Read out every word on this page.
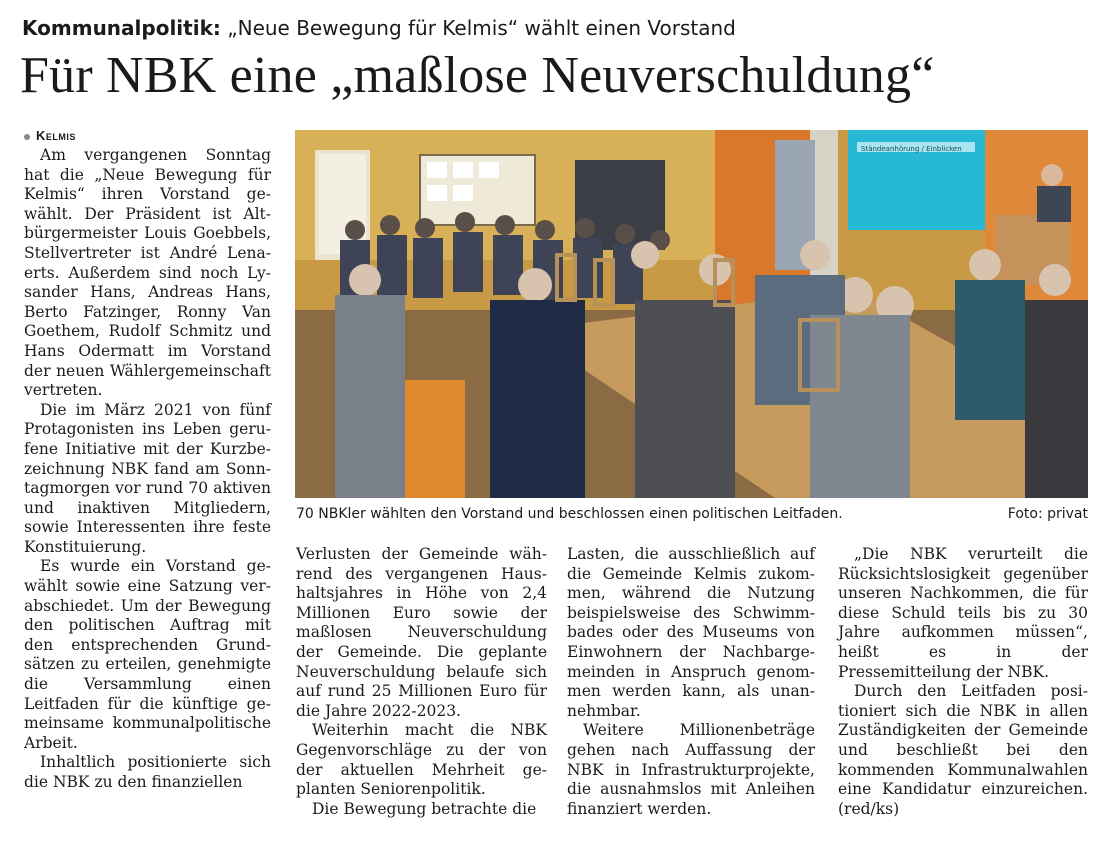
Kommunalpolitik: „Neue Bewegung für Kelmis“ wählt einen Vorstand
Für NBK eine „maßlose Neuverschuldung“
Kelmis

Am vergangenen Sonntag hat die „Neue Bewegung für Kelmis“ ihren Vorstand gewählt. Der Präsident ist Altbürgermeister Louis Goebbels, Stellvertreter ist André Lenaerts. Außerdem sind noch Lysander Hans, Andreas Hans, Berto Fatzinger, Ronny Van Goethem, Rudolf Schmitz und Hans Odermatt im Vorstand der neuen Wählergemeinschaft vertreten.

Die im März 2021 von fünf Protagonisten ins Leben gerufene Initiative mit der Kurzbezeichnung NBK fand am Sonntagmorgen vor rund 70 aktiven und inaktiven Mitgliedern, sowie Interessenten ihre feste Konstituierung.

Es wurde ein Vorstand gewählt sowie eine Satzung verabschiedet. Um der Bewegung den politischen Auftrag mit den entsprechenden Grundsätzen zu erteilen, genehmigte die Versammlung einen Leitfaden für die künftige gemeinsame kommunalpolitische Arbeit.

Inhaltlich positionierte sich die NBK zu den finanziellen

Ständeanhörung / Einblicken
70 NBKler wählten den Vorstand und beschlossen einen politischen Leitfaden.	Foto: privat

Verlusten der Gemeinde während des vergangenen Haushaltsjahres in Höhe von 2,4 Millionen Euro sowie der maßlosen Neuverschuldung der Gemeinde. Die geplante Neuverschuldung belaufe sich auf rund 25 Millionen Euro für die Jahre 2022-2023.

Weiterhin macht die NBK Gegenvorschläge zu der von der aktuellen Mehrheit geplanten Seniorenpolitik.

Die Bewegung betrachte die

Lasten, die ausschließlich auf die Gemeinde Kelmis zukommen, während die Nutzung beispielsweise des Schwimmbades oder des Museums von Einwohnern der Nachbargemeinden in Anspruch genommen werden kann, als unannehmbar.

Weitere Millionenbeträge gehen nach Auffassung der NBK in Infrastrukturprojekte, die ausnahmslos mit Anleihen finanziert werden.

„Die NBK verurteilt die Rücksichtslosigkeit gegenüber unseren Nachkommen, die für diese Schuld teils bis zu 30 Jahre aufkommen müssen“, heißt es in der Pressemitteilung der NBK.

Durch den Leitfaden positioniert sich die NBK in allen Zuständigkeiten der Gemeinde und beschließt bei den kommenden Kommunalwahlen eine Kandidatur einzureichen. (red/ks)
